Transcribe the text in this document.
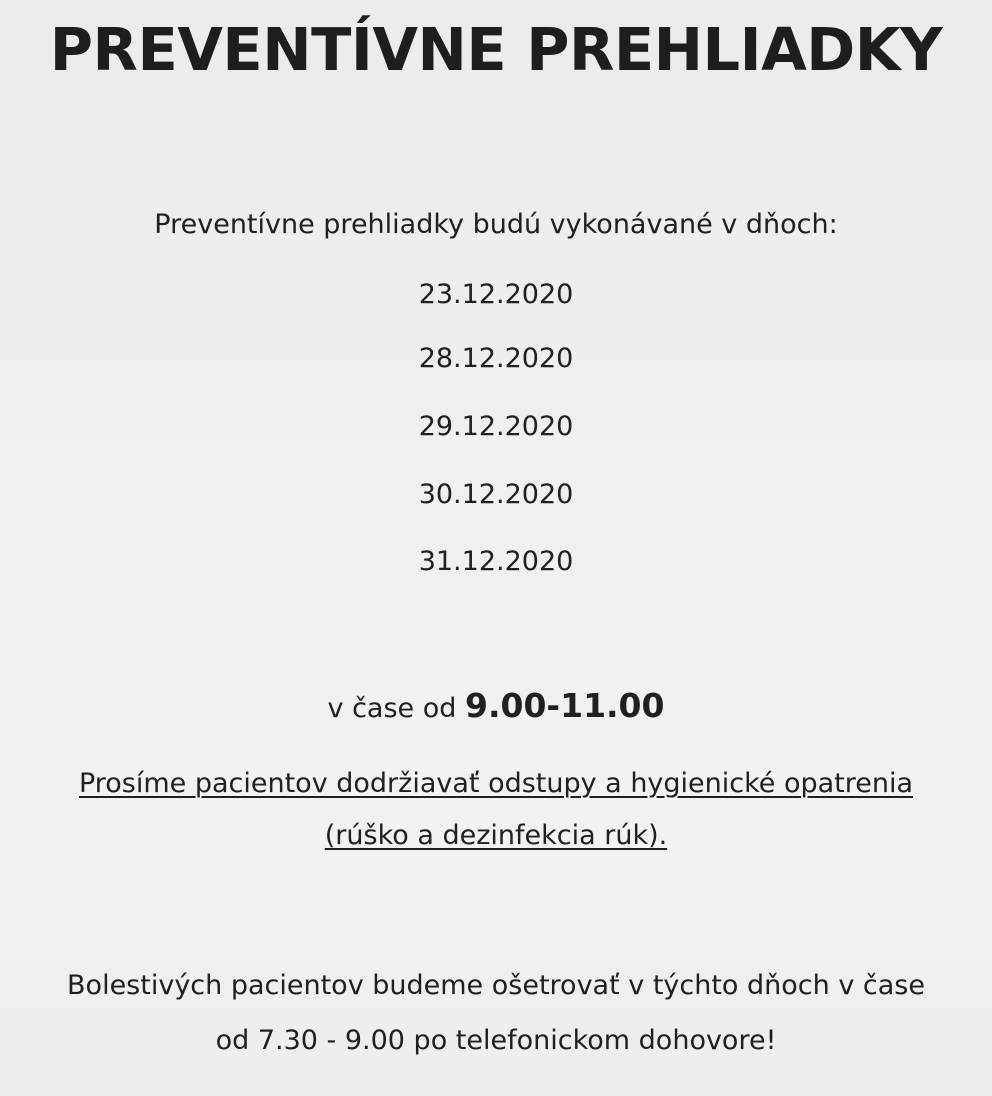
PREVENTÍVNE PREHLIADKY
Preventívne prehliadky budú vykonávané v dňoch:
23.12.2020
28.12.2020
29.12.2020
30.12.2020
31.12.2020
v čase od 9.00-11.00
Prosíme pacientov dodržiavať odstupy a hygienické opatrenia
(rúško a dezinfekcia rúk).
Bolestivých pacientov budeme ošetrovať v týchto dňoch v čase
od 7.30 - 9.00 po telefonickom dohovore!
